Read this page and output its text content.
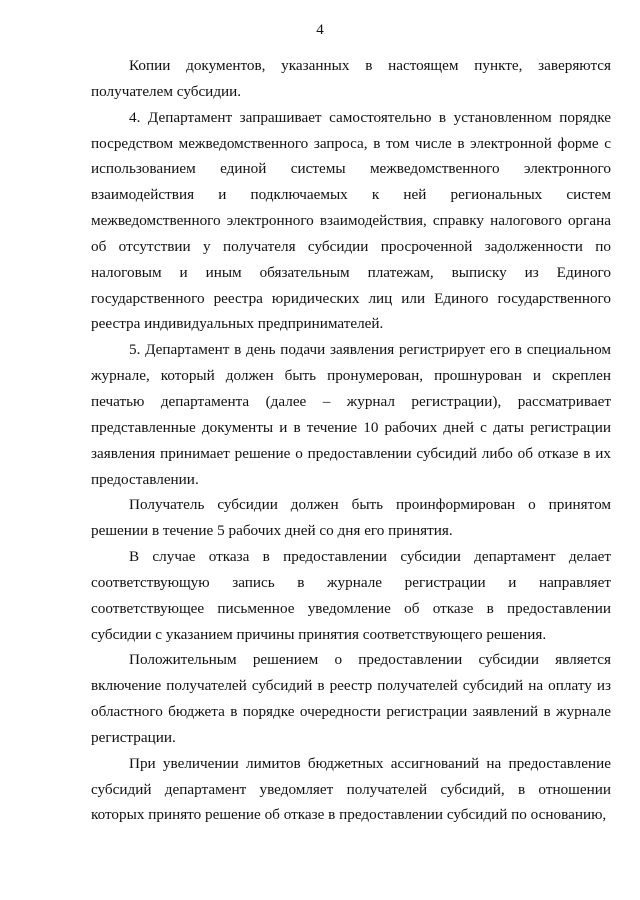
4

Копии документов, указанных в настоящем пункте, заверяются получателем субсидии.

4. Департамент запрашивает самостоятельно в установленном порядке посредством межведомственного запроса, в том числе в электронной форме с использованием единой системы межведомственного электронного взаимодействия и подключаемых к ней региональных систем межведомственного электронного взаимодействия, справку налогового органа об отсутствии у получателя субсидии просроченной задолженности по налоговым и иным обязательным платежам, выписку из Единого государственного реестра юридических лиц или Единого государственного реестра индивидуальных предпринимателей.

5. Департамент в день подачи заявления регистрирует его в специальном журнале, который должен быть пронумерован, прошнурован и скреплен печатью департамента (далее – журнал регистрации), рассматривает представленные документы и в течение 10 рабочих дней с даты регистрации заявления принимает решение о предоставлении субсидий либо об отказе в их предоставлении.

Получатель субсидии должен быть проинформирован о принятом решении в течение 5 рабочих дней со дня его принятия.

В случае отказа в предоставлении субсидии департамент делает соответствующую запись в журнале регистрации и направляет соответствующее письменное уведомление об отказе в предоставлении субсидии с указанием причины принятия соответствующего решения.

Положительным решением о предоставлении субсидии является включение получателей субсидий в реестр получателей субсидий на оплату из областного бюджета в порядке очередности регистрации заявлений в журнале регистрации.

При увеличении лимитов бюджетных ассигнований на предоставление субсидий департамент уведомляет получателей субсидий, в отношении которых принято решение об отказе в предоставлении субсидий по основанию,
